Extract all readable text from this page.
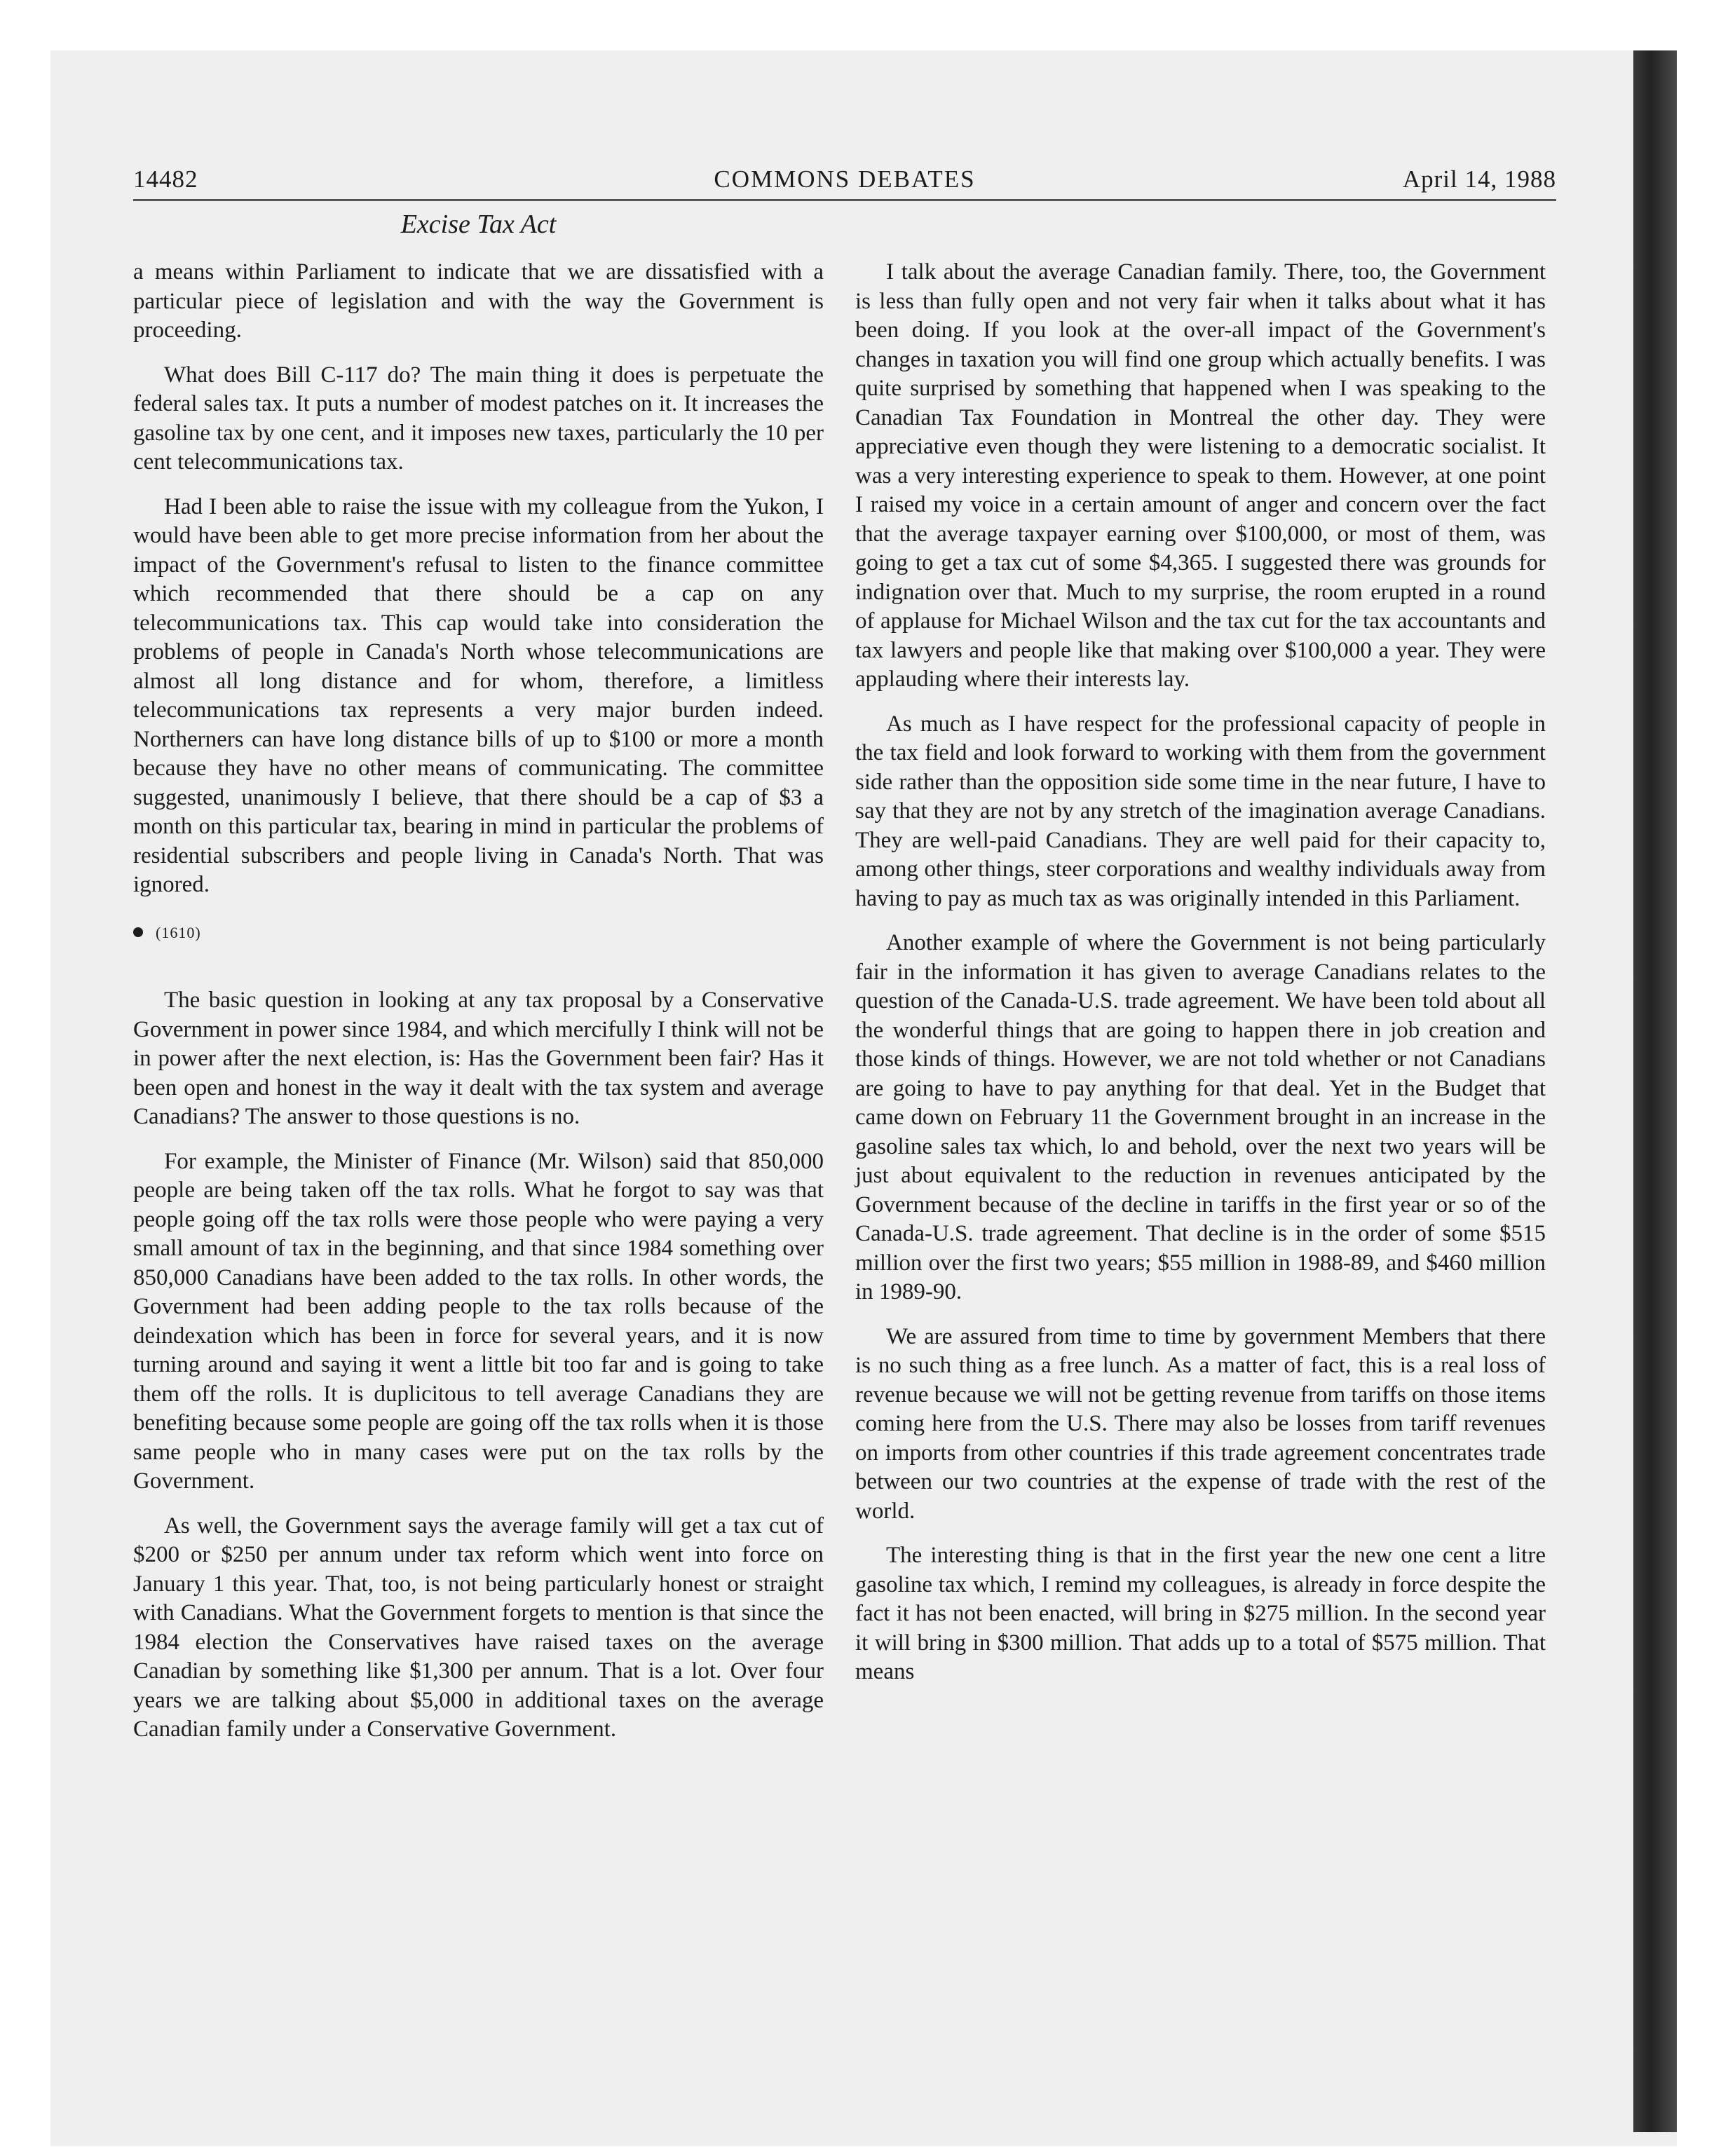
14482	COMMONS DEBATES	April 14, 1988
Excise Tax Act

a means within Parliament to indicate that we are dissatisfied with a particular piece of legislation and with the way the Government is proceeding.

What does Bill C-117 do? The main thing it does is perpetuate the federal sales tax. It puts a number of modest patches on it. It increases the gasoline tax by one cent, and it imposes new taxes, particularly the 10 per cent telecommunications tax.

Had I been able to raise the issue with my colleague from the Yukon, I would have been able to get more precise information from her about the impact of the Government's refusal to listen to the finance committee which recommended that there should be a cap on any telecommunications tax. This cap would take into consideration the problems of people in Canada's North whose telecommunications are almost all long distance and for whom, therefore, a limitless telecommunications tax represents a very major burden indeed. Northerners can have long distance bills of up to $100 or more a month because they have no other means of communicating. The committee suggested, unanimously I believe, that there should be a cap of $3 a month on this particular tax, bearing in mind in particular the problems of residential subscribers and people living in Canada's North. That was ignored.

(1610)

The basic question in looking at any tax proposal by a Conservative Government in power since 1984, and which mercifully I think will not be in power after the next election, is: Has the Government been fair? Has it been open and honest in the way it dealt with the tax system and average Canadians? The answer to those questions is no.

For example, the Minister of Finance (Mr. Wilson) said that 850,000 people are being taken off the tax rolls. What he forgot to say was that people going off the tax rolls were those people who were paying a very small amount of tax in the beginning, and that since 1984 something over 850,000 Canadians have been added to the tax rolls. In other words, the Government had been adding people to the tax rolls because of the deindexation which has been in force for several years, and it is now turning around and saying it went a little bit too far and is going to take them off the rolls. It is duplicitous to tell average Canadians they are benefiting because some people are going off the tax rolls when it is those same people who in many cases were put on the tax rolls by the Government.

As well, the Government says the average family will get a tax cut of $200 or $250 per annum under tax reform which went into force on January 1 this year. That, too, is not being particularly honest or straight with Canadians. What the Government forgets to mention is that since the 1984 election the Conservatives have raised taxes on the average Canadian by something like $1,300 per annum. That is a lot. Over four years we are talking about $5,000 in additional taxes on the average Canadian family under a Conservative Government.

I talk about the average Canadian family. There, too, the Government is less than fully open and not very fair when it talks about what it has been doing. If you look at the over-all impact of the Government's changes in taxation you will find one group which actually benefits. I was quite surprised by something that happened when I was speaking to the Canadian Tax Foundation in Montreal the other day. They were appreciative even though they were listening to a democratic socialist. It was a very interesting experience to speak to them. However, at one point I raised my voice in a certain amount of anger and concern over the fact that the average taxpayer earning over $100,000, or most of them, was going to get a tax cut of some $4,365. I suggested there was grounds for indignation over that. Much to my surprise, the room erupted in a round of applause for Michael Wilson and the tax cut for the tax accountants and tax lawyers and people like that making over $100,000 a year. They were applauding where their interests lay.

As much as I have respect for the professional capacity of people in the tax field and look forward to working with them from the government side rather than the opposition side some time in the near future, I have to say that they are not by any stretch of the imagination average Canadians. They are well-paid Canadians. They are well paid for their capacity to, among other things, steer corporations and wealthy individuals away from having to pay as much tax as was originally intended in this Parliament.

Another example of where the Government is not being particularly fair in the information it has given to average Canadians relates to the question of the Canada-U.S. trade agreement. We have been told about all the wonderful things that are going to happen there in job creation and those kinds of things. However, we are not told whether or not Canadians are going to have to pay anything for that deal. Yet in the Budget that came down on February 11 the Government brought in an increase in the gasoline sales tax which, lo and behold, over the next two years will be just about equivalent to the reduction in revenues anticipated by the Government because of the decline in tariffs in the first year or so of the Canada-U.S. trade agreement. That decline is in the order of some $515 million over the first two years; $55 million in 1988-89, and $460 million in 1989-90.

We are assured from time to time by government Members that there is no such thing as a free lunch. As a matter of fact, this is a real loss of revenue because we will not be getting revenue from tariffs on those items coming here from the U.S. There may also be losses from tariff revenues on imports from other countries if this trade agreement concentrates trade between our two countries at the expense of trade with the rest of the world.

The interesting thing is that in the first year the new one cent a litre gasoline tax which, I remind my colleagues, is already in force despite the fact it has not been enacted, will bring in $275 million. In the second year it will bring in $300 million. That adds up to a total of $575 million. That means
